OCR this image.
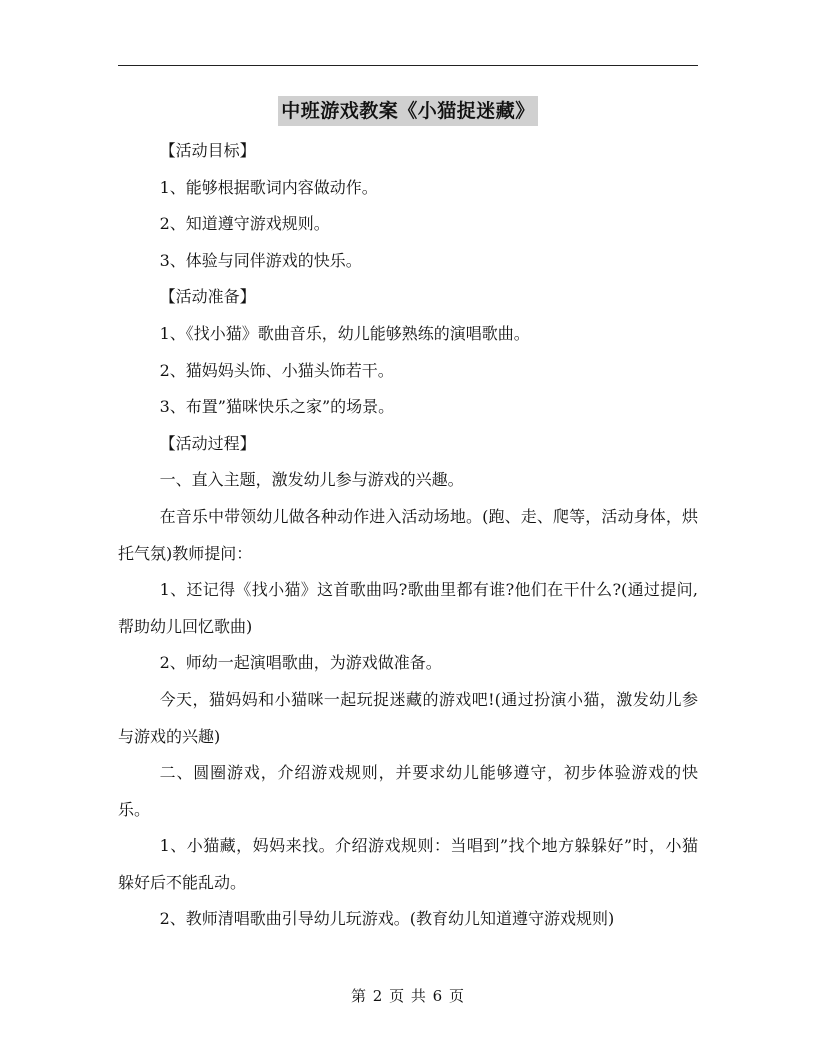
中班游戏教案《小猫捉迷藏》

【活动目标】

1、能够根据歌词内容做动作。

2、知道遵守游戏规则。

3、体验与同伴游戏的快乐。

【活动准备】

1、《找小猫》歌曲音乐，幼儿能够熟练的演唱歌曲。

2、猫妈妈头饰、小猫头饰若干。

3、布置”猫咪快乐之家”的场景。

【活动过程】

一、直入主题，激发幼儿参与游戏的兴趣。

在音乐中带领幼儿做各种动作进入活动场地。(跑、走、爬等，活动身体，烘托气氛)教师提问：

1、还记得《找小猫》这首歌曲吗?歌曲里都有谁?他们在干什么?(通过提问,帮助幼儿回忆歌曲)

2、师幼一起演唱歌曲，为游戏做准备。

今天，猫妈妈和小猫咪一起玩捉迷藏的游戏吧!(通过扮演小猫，激发幼儿参与游戏的兴趣)

二、圆圈游戏，介绍游戏规则，并要求幼儿能够遵守，初步体验游戏的快乐。

1、小猫藏，妈妈来找。介绍游戏规则：当唱到”找个地方躲躲好”时，小猫躲好后不能乱动。

2、教师清唱歌曲引导幼儿玩游戏。(教育幼儿知道遵守游戏规则)

第 2 页 共 6 页
